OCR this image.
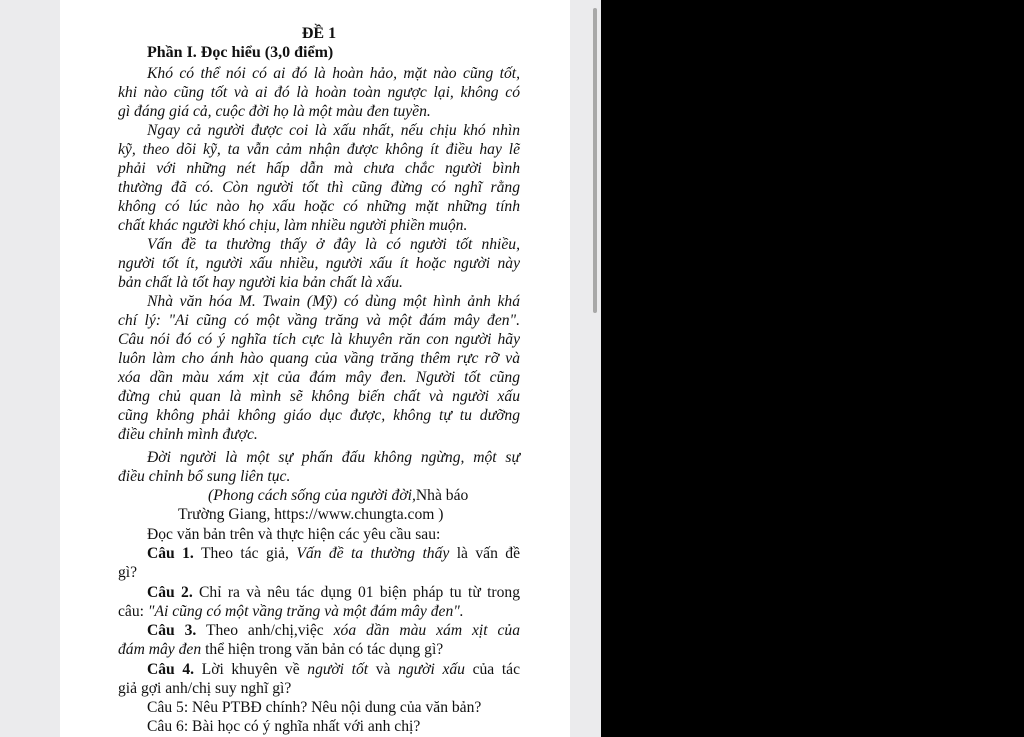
ĐỀ 1
Phần I. Đọc hiểu (3,0 điểm)
Khó có thể nói có ai đó là hoàn hảo, mặt nào cũng tốt,
khi nào cũng tốt và ai đó là hoàn toàn ngược lại, không có
gì đáng giá cả, cuộc đời họ là một màu đen tuyền.
Ngay cả người được coi là xấu nhất, nếu chịu khó nhìn
kỹ, theo dõi kỹ, ta vẫn cảm nhận được không ít điều hay lẽ
phải với những nét hấp dẫn mà chưa chắc người bình
thường đã có. Còn người tốt thì cũng đừng có nghĩ rằng
không có lúc nào họ xấu hoặc có những mặt những tính
chất khác người khó chịu, làm nhiều người phiền muộn.
Vấn đề ta thường thấy ở đây là có người tốt nhiều,
người tốt ít, người xấu nhiều, người xấu ít hoặc người này
bản chất là tốt hay người kia bản chất là xấu.
Nhà văn hóa M. Twain (Mỹ) có dùng một hình ảnh khá
chí lý: "Ai cũng có một vầng trăng và một đám mây đen".
Câu nói đó có ý nghĩa tích cực là khuyên răn con người hãy
luôn làm cho ánh hào quang của vầng trăng thêm rực rỡ và
xóa dần màu xám xịt của đám mây đen. Người tốt cũng
đừng chủ quan là mình sẽ không biến chất và người xấu
cũng không phải không giáo dục được, không tự tu dưỡng
điều chỉnh mình được.
Đời người là một sự phấn đấu không ngừng, một sự
điều chỉnh bổ sung liên tục.
(Phong cách sống của người đời,Nhà báo
Trường Giang, https://www.chungta.com )
Đọc văn bản trên và thực hiện các yêu cầu sau:
Câu 1. Theo tác giả, Vấn đề ta thường thấy là vấn đề
gì?
Câu 2. Chỉ ra và nêu tác dụng 01 biện pháp tu từ trong
câu: "Ai cũng có một vầng trăng và một đám mây đen".
Câu 3. Theo anh/chị,việc xóa dần màu xám xịt của
đám mây đen thể hiện trong văn bản có tác dụng gì?
Câu 4. Lời khuyên về người tốt và người xấu của tác
giả gợi anh/chị suy nghĩ gì?
Câu 5: Nêu PTBĐ chính? Nêu nội dung của văn bản?
Câu 6: Bài học có ý nghĩa nhất với anh chị?
